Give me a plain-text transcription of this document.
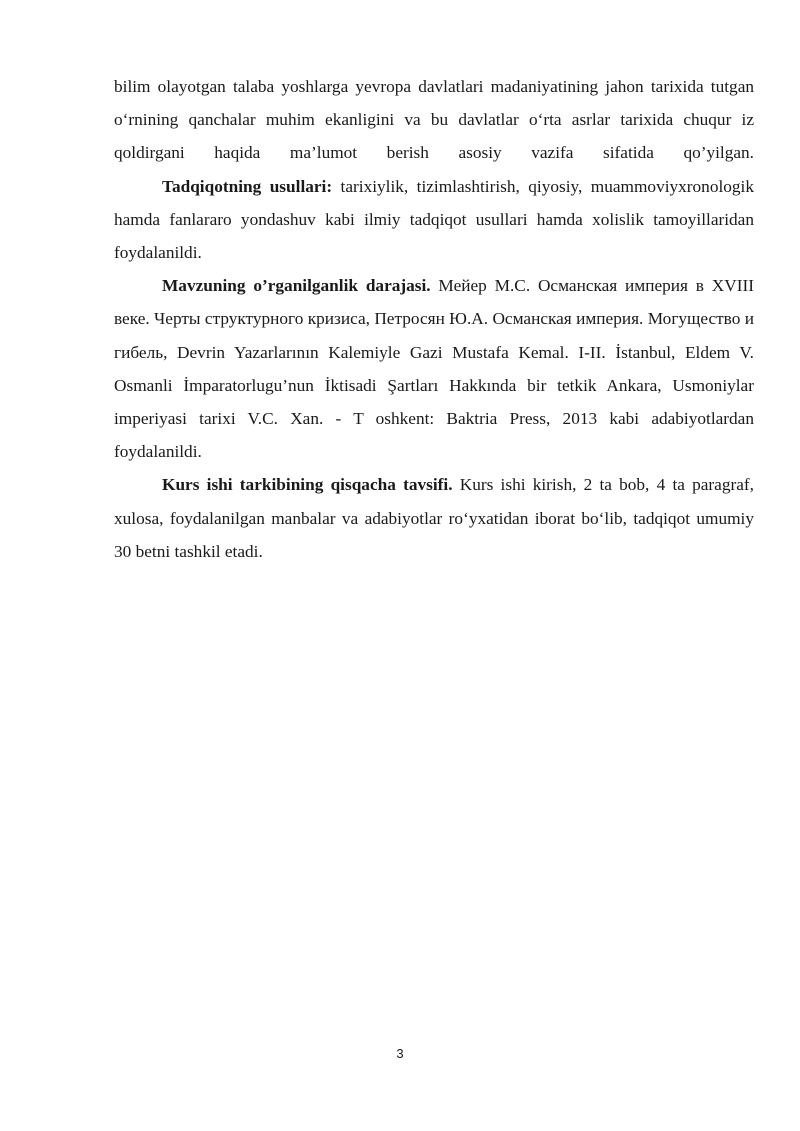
bilim olayotgan talaba yoshlarga yevropa davlatlari madaniyatining jahon tarixida tutgan o‘rnining qanchalar muhim ekanligini va bu davlatlar o‘rta asrlar tarixida chuqur iz qoldirgani haqida ma’lumot berish asosiy vazifa sifatida qo’yilgan.

Tadqiqotning usullari: tarixiylik, tizimlashtirish, qiyosiy, muammoviyxronologik hamda fanlararo yondashuv kabi ilmiy tadqiqot usullari hamda xolislik tamoyillaridan foydalanildi.

Mavzuning o’rganilganlik darajasi. Мейер М.С. Османская империя в XVIII веке. Черты структурного кризиса, Петросян Ю.А. Османская империя. Могущество и гибель, Devrin Yazarlarının Kalemiyle Gazi Mustafa Kemal. I-II. İstanbul, Eldem V. Osmanli İmparatorlugu’nun İktisadi Şartları Hakkında bir tetkik Ankara, Usmoniylar imperiyasi tarixi V.C. Xan. - T oshkent: Baktria Press, 2013 kabi adabiyotlardan foydalanildi.

Kurs ishi tarkibining qisqacha tavsifi. Kurs ishi kirish, 2 ta bob, 4 ta paragraf, xulosa, foydalanilgan manbalar va adabiyotlar ro‘yxatidan iborat bo‘lib, tadqiqot umumiy 30 betni tashkil etadi.

3
